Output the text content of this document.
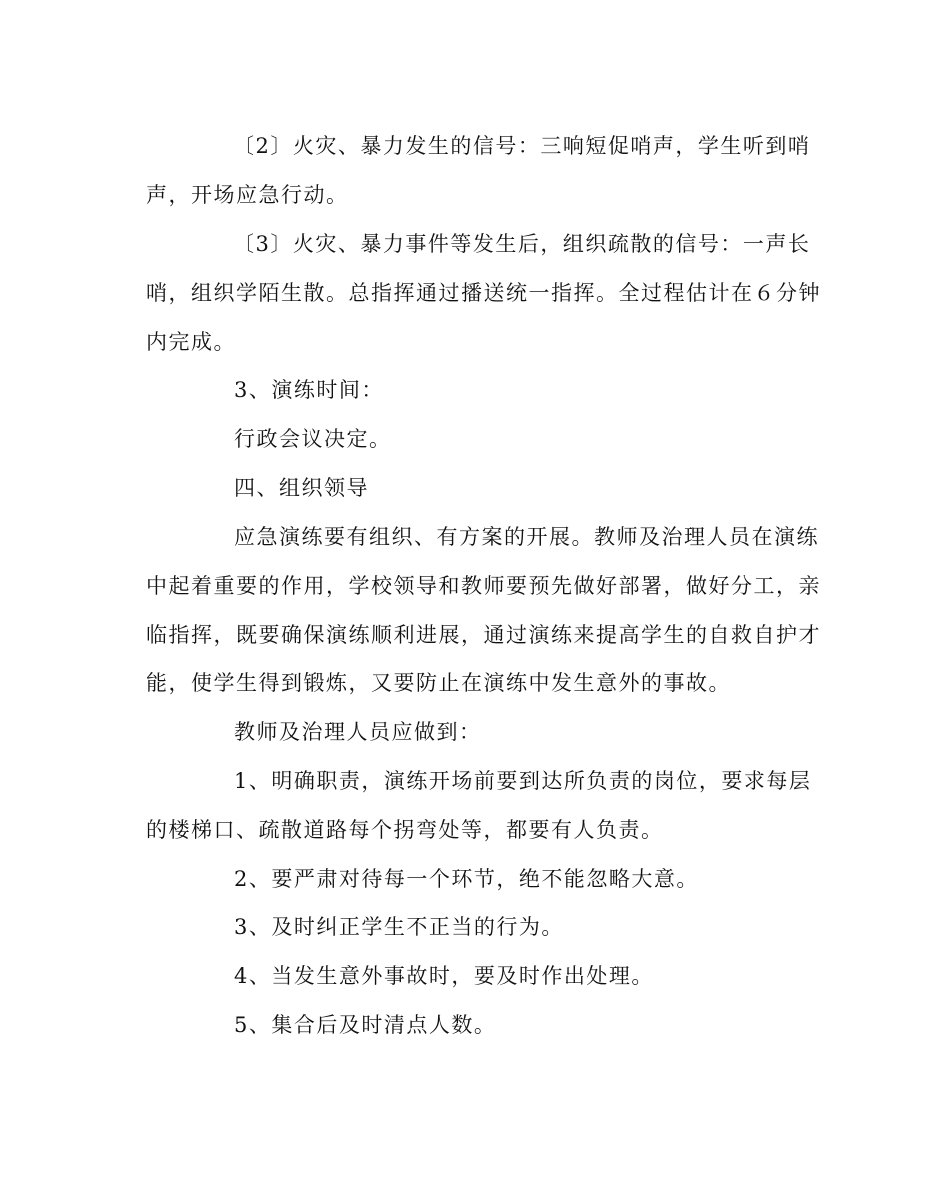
〔2〕火灾、暴力发生的信号：三响短促哨声，学生听到哨
声，开场应急行动。
〔3〕火灾、暴力事件等发生后，组织疏散的信号：一声长
哨，组织学陌生散。总指挥通过播送统一指挥。全过程估计在６分钟
内完成。
3、演练时间：
行政会议决定。
四、组织领导
应急演练要有组织、有方案的开展。教师及治理人员在演练
中起着重要的作用，学校领导和教师要预先做好部署，做好分工，亲
临指挥，既要确保演练顺利进展，通过演练来提高学生的自救自护才
能，使学生得到锻炼，又要防止在演练中发生意外的事故。
教师及治理人员应做到：
1、明确职责，演练开场前要到达所负责的岗位，要求每层
的楼梯口、疏散道路每个拐弯处等，都要有人负责。
2、要严肃对待每一个环节，绝不能忽略大意。
3、及时纠正学生不正当的行为。
4、当发生意外事故时，要及时作出处理。
5、集合后及时清点人数。
